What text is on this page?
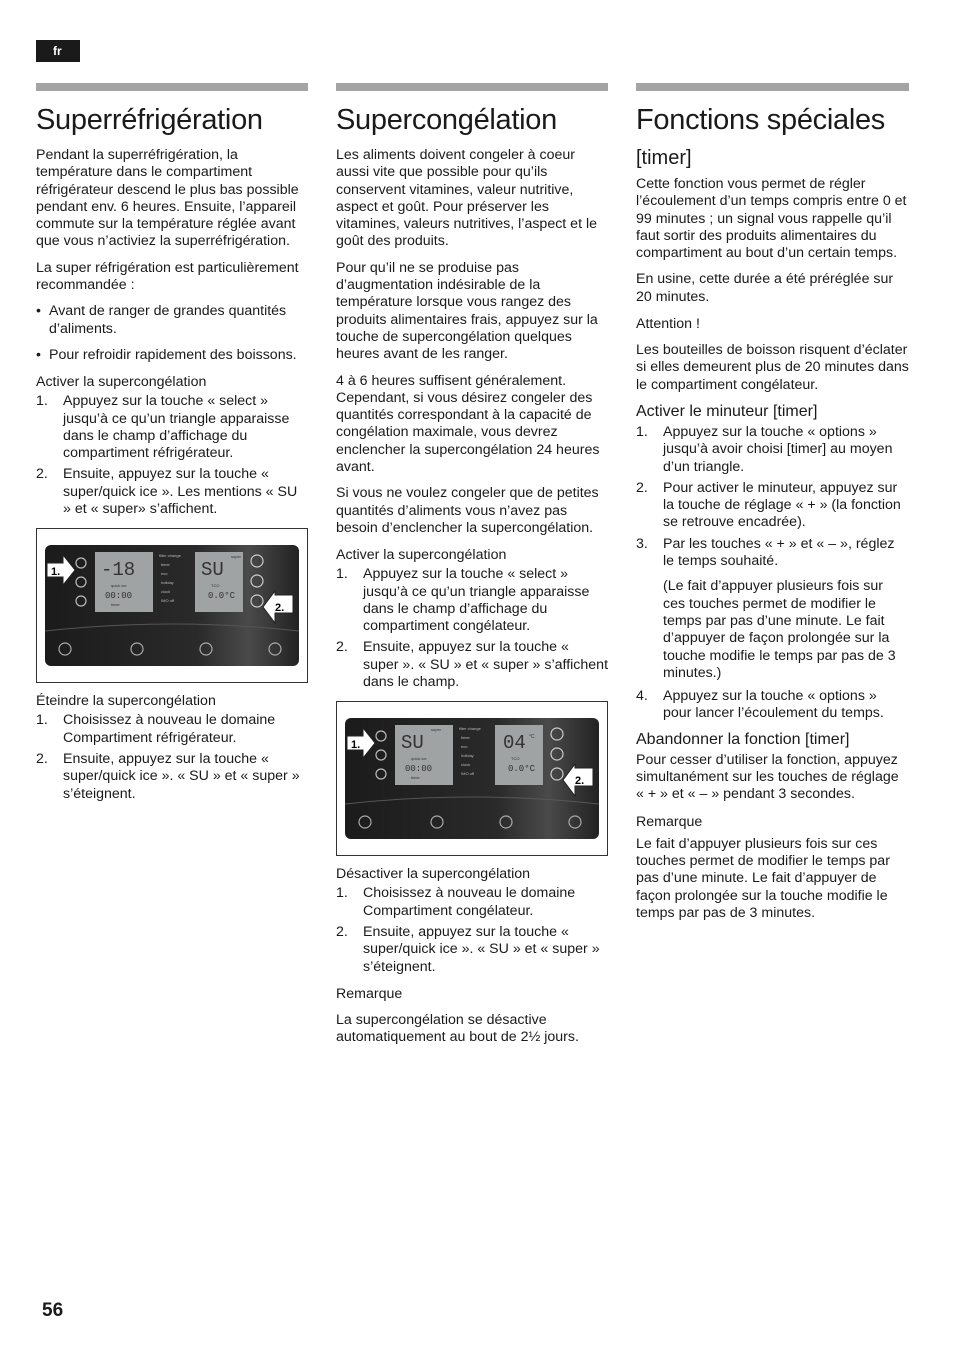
fr
Superréfrigération

Pendant la superréfrigération, la température dans le compartiment réfrigérateur descend le plus bas possible pendant env. 6 heures. Ensuite, l’appareil commute sur la température réglée avant que vous n’activiez la superréfrigération.

La super réfrigération est particulièrement recommandée :

• Avant de ranger de grandes quantités d’aliments.
• Pour refroidir rapidement des boissons.
Activer la supercongélation
1. Appuyez sur la touche « select » jusqu’à ce qu’un triangle apparaisse dans le champ d’affichage du compartiment réfrigérateur.
2. Ensuite, appuyez sur la touche « super/quick ice ». Les mentions « SU » et « super» s’affichent.
-18	SU
super
quick ice
00:00
timer
TCO
0.0°C
filter change
timer
eco
holiday
clock
IMO off
1.
2.
Éteindre la supercongélation
1. Choisissez à nouveau le domaine Compartiment réfrigérateur.
2. Ensuite, appuyez sur la touche « super/quick ice ». « SU » et « super » s’éteignent.
Supercongélation

Les aliments doivent congeler à coeur aussi vite que possible pour qu’ils conservent vitamines, valeur nutritive, aspect et goût. Pour préserver les vitamines, valeurs nutritives, l’aspect et le goût des produits.

Pour qu’il ne se produise pas d’augmentation indésirable de la température lorsque vous rangez des produits alimentaires frais, appuyez sur la touche de supercongélation quelques heures avant de les ranger.

4 à 6 heures suffisent généralement. Cependant, si vous désirez congeler des quantités correspondant à la capacité de congélation maximale, vous devrez enclencher la supercongélation 24 heures avant.

Si vous ne voulez congeler que de petites quantités d’aliments vous n’avez pas besoin d’enclencher la supercongélation.

Activer la supercongélation
1. Appuyez sur la touche « select » jusqu’à ce qu’un triangle apparaisse dans le champ d’affichage du compartiment congélateur.
2. Ensuite, appuyez sur la touche « super ». « SU » et « super » s’affichent dans le champ.
SU
super
04 °C
quick ice
00:00
timer
TCO
0.0°C
filter change
timer
eco
holiday
clock
IMO off
1.
2.
Désactiver la supercongélation
1. Choisissez à nouveau le domaine Compartiment congélateur.
2. Ensuite, appuyez sur la touche « super/quick ice ». « SU » et « super » s’éteignent.
Remarque

La supercongélation se désactive automatiquement au bout de 2½ jours.

Fonctions spéciales
[timer]

Cette fonction vous permet de régler l’écoulement d’un temps compris entre 0 et 99 minutes ; un signal vous rappelle qu’il faut sortir des produits alimentaires du compartiment au bout d’un certain temps.

En usine, cette durée a été préréglée sur 20 minutes.

Attention !

Les bouteilles de boisson risquent d’éclater si elles demeurent plus de 20 minutes dans le compartiment congélateur.

Activer le minuteur [timer]
1. Appuyez sur la touche « options » jusqu’à avoir choisi [timer] au moyen d’un triangle.
2. Pour activer le minuteur, appuyez sur la touche de réglage « + » (la fonction se retrouve encadrée).
3. Par les touches « + » et « – », réglez le temps souhaité.
(Le fait d’appuyer plusieurs fois sur ces touches permet de modifier le temps par pas d’une minute. Le fait d’appuyer de façon prolongée sur la touche modifie le temps par pas de 3 minutes.)
4. Appuyez sur la touche « options » pour lancer l’écoulement du temps.
Abandonner la fonction [timer]

Pour cesser d’utiliser la fonction, appuyez simultanément sur les touches de réglage « + » et « – » pendant 3 secondes.

Remarque

Le fait d’appuyer plusieurs fois sur ces touches permet de modifier le temps par pas d’une minute. Le fait d’appuyer de façon prolongée sur la touche modifie le temps par pas de 3 minutes.

56
